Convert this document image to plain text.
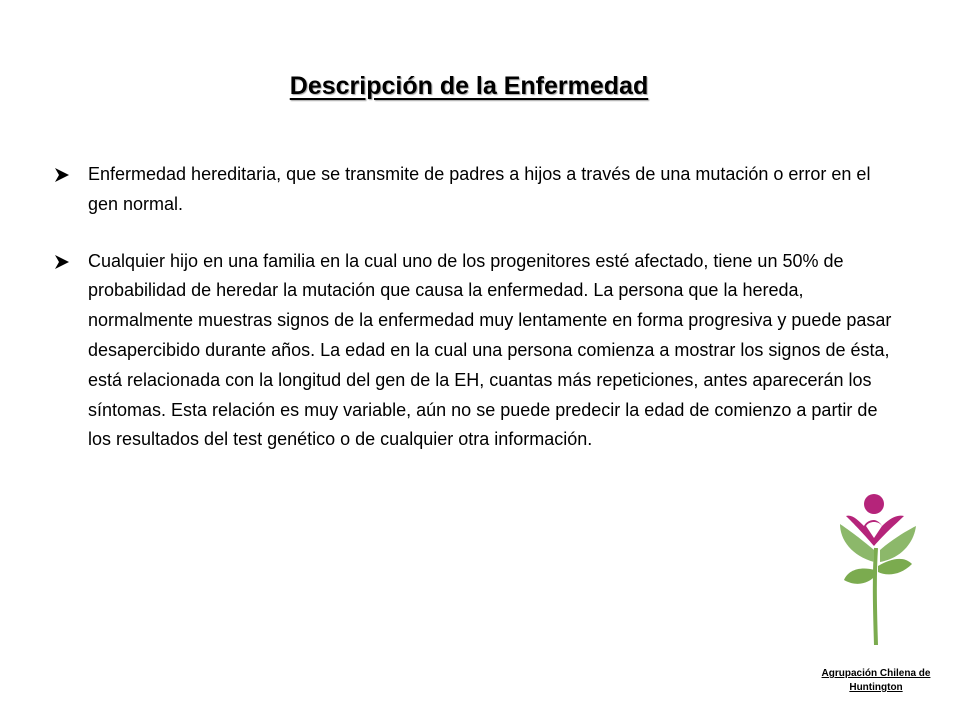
Descripción de la Enfermedad
Enfermedad hereditaria, que se transmite de padres a hijos a través de una mutación o error en el gen normal.
Cualquier hijo en una familia en la cual uno de los progenitores esté afectado, tiene un 50% de probabilidad de heredar la mutación que causa la enfermedad. La persona que la hereda, normalmente muestras signos de la enfermedad muy lentamente en forma progresiva y puede pasar desapercibido durante años. La edad en la cual una persona comienza a mostrar los signos de ésta, está relacionada con la longitud del gen de la EH, cuantas más repeticiones, antes aparecerán los síntomas. Esta relación es muy variable, aún no se puede predecir la edad de comienzo a partir de los resultados del test genético o de cualquier otra información.
Agrupación Chilena de
Huntington
